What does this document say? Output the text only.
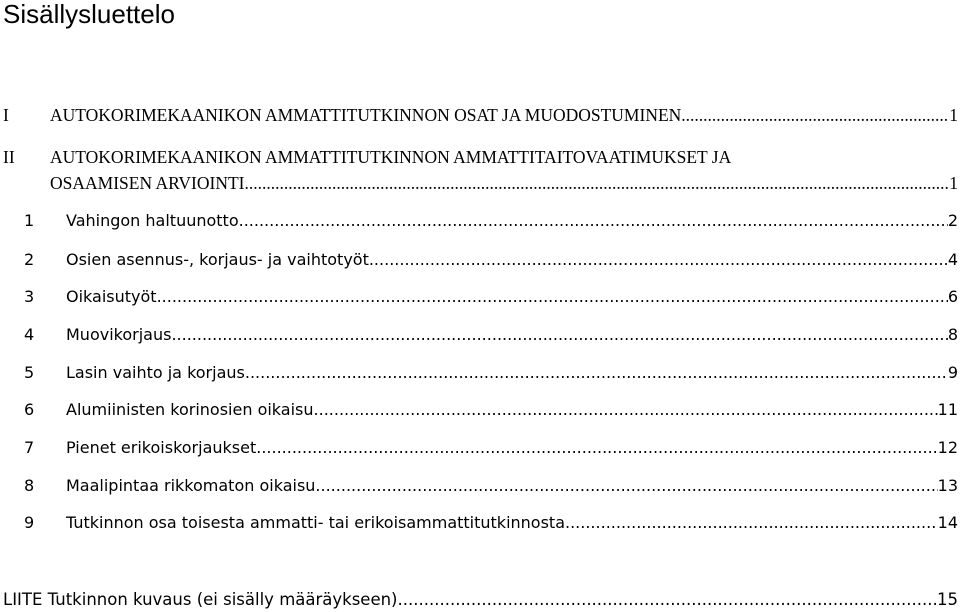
Sisällysluettelo
I	AUTOKORIMEKAANIKON AMMATTITUTKINNON OSAT JA MUODOSTUMINEN .....	1
II	AUTOKORIMEKAANIKON AMMATTITUTKINNON AMMATTITAITOVAATIMUKSET JA
OSAAMISEN ARVIOINTI .....	1
1	Vahingon haltuunotto .....	2
2	Osien asennus-, korjaus- ja vaihtotyöt .....	4
3	Oikaisutyöt .....	6
4	Muovikorjaus .....	8
5	Lasin vaihto ja korjaus .....	9
6	Alumiinisten korinosien oikaisu .....	11
7	Pienet erikoiskorjaukset .....	12
8	Maalipintaa rikkomaton oikaisu .....	13
9	Tutkinnon osa toisesta ammatti- tai erikoisammattitutkinnosta .....	14
LIITE Tutkinnon kuvaus (ei sisälly määräykseen) .....	15
